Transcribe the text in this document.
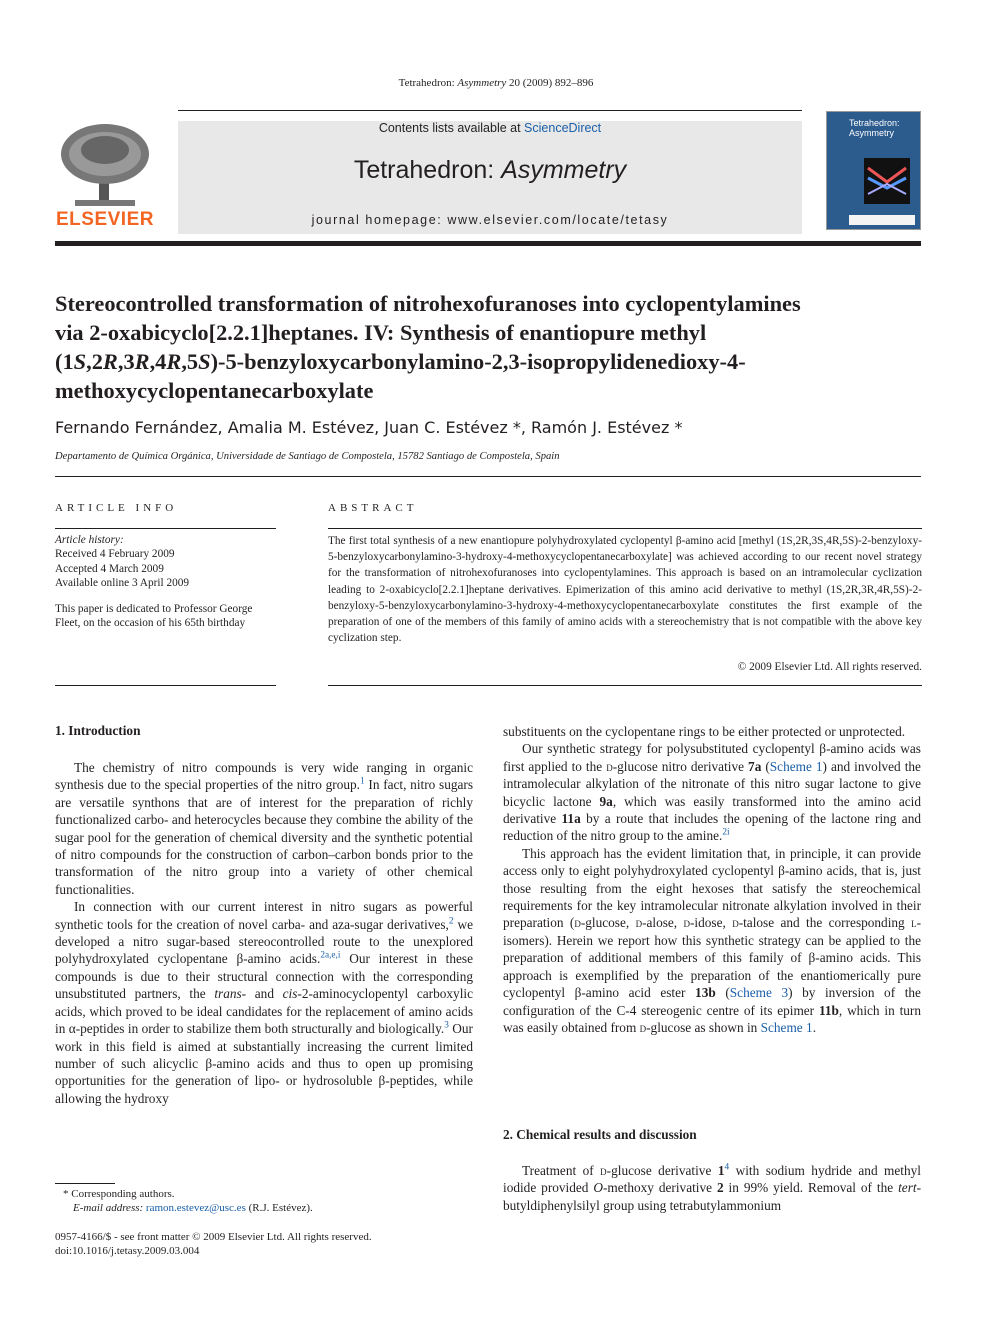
Tetrahedron: Asymmetry 20 (2009) 892–896
ELSEVIER
Contents lists available at ScienceDirect
Tetrahedron: Asymmetry
journal homepage: www.elsevier.com/locate/tetasy
Tetrahedron: Asymmetry
Stereocontrolled transformation of nitrohexofuranoses into cyclopentylamines
via 2-oxabicyclo[2.2.1]heptanes. IV: Synthesis of enantiopure methyl
(1S,2R,3R,4R,5S)-5-benzyloxycarbonylamino-2,3-isopropylidenedioxy-4-
methoxycyclopentanecarboxylate
Fernando Fernández, Amalia M. Estévez, Juan C. Estévez *, Ramón J. Estévez *
Departamento de Química Orgánica, Universidade de Santiago de Compostela, 15782 Santiago de Compostela, Spain
ARTICLE INFO
Article history:
Received 4 February 2009
Accepted 4 March 2009
Available online 3 April 2009
This paper is dedicated to Professor George Fleet, on the occasion of his 65th birthday
ABSTRACT
The first total synthesis of a new enantiopure polyhydroxylated cyclopentyl β-amino acid [methyl (1S,2R,3S,4R,5S)-2-benzyloxy-5-benzyloxycarbonylamino-3-hydroxy-4-methoxycyclopentanecarboxylate] was achieved according to our recent novel strategy for the transformation of nitrohexofuranoses into cyclopentylamines. This approach is based on an intramolecular cyclization leading to 2-oxabicyclo[2.2.1]heptane derivatives. Epimerization of this amino acid derivative to methyl (1S,2R,3R,4R,5S)-2-benzyloxy-5-benzyloxycarbonylamino-3-hydroxy-4-methoxycyclopentanecarboxylate constitutes the first example of the preparation of one of the members of this family of amino acids with a stereochemistry that is not compatible with the above key cyclization step.
© 2009 Elsevier Ltd. All rights reserved.
1. Introduction

The chemistry of nitro compounds is very wide ranging in organic synthesis due to the special properties of the nitro group.$^1$ In fact, nitro sugars are versatile synthons that are of interest for the preparation of richly functionalized carbo- and heterocycles because they combine the ability of the sugar pool for the generation of chemical diversity and the synthetic potential of nitro compounds for the construction of carbon–carbon bonds prior to the transformation of the nitro group into a variety of other chemical functionalities.

In connection with our current interest in nitro sugars as powerful synthetic tools for the creation of novel carba- and aza-sugar derivatives,$^2$ we developed a nitro sugar-based stereocontrolled route to the unexplored polyhydroxylated cyclopentane β-amino acids.$^{2a,e,i}$ Our interest in these compounds is due to their structural connection with the corresponding unsubstituted partners, the trans- and cis-2-aminocyclopentyl carboxylic acids, which proved to be ideal candidates for the replacement of amino acids in α-peptides in order to stabilize them both structurally and biologically.$^3$ Our work in this field is aimed at substantially increasing the current limited number of such alicyclic β-amino acids and thus to open up promising opportunities for the generation of lipo- or hydrosoluble β-peptides, while allowing the hydroxy

substituents on the cyclopentane rings to be either protected or unprotected.

Our synthetic strategy for polysubstituted cyclopentyl β-amino acids was first applied to the d-glucose nitro derivative 7a (Scheme 1) and involved the intramolecular alkylation of the nitronate of this nitro sugar lactone to give bicyclic lactone 9a, which was easily transformed into the amino acid derivative 11a by a route that includes the opening of the lactone ring and reduction of the nitro group to the amine.$^{2i}$

This approach has the evident limitation that, in principle, it can provide access only to eight polyhydroxylated cyclopentyl β-amino acids, that is, just those resulting from the eight hexoses that satisfy the stereochemical requirements for the key intramolecular nitronate alkylation involved in their preparation (d-glucose, d-alose, d-idose, d-talose and the corresponding l-isomers). Herein we report how this synthetic strategy can be applied to the preparation of additional members of this family of β-amino acids. This approach is exemplified by the preparation of the enantiomerically pure cyclopentyl β-amino acid ester 13b (Scheme 3) by inversion of the configuration of the C-4 stereogenic centre of its epimer 11b, which in turn was easily obtained from d-glucose as shown in Scheme 1.

2. Chemical results and discussion

Treatment of d-glucose derivative $1^4$ with sodium hydride and methyl iodide provided O-methoxy derivative 2 in 99% yield. Removal of the tert-butyldiphenylsilyl group using tetrabutylammonium

* Corresponding authors.
E-mail address: ramon.estevez@usc.es (R.J. Estévez).
0957-4166/$ - see front matter © 2009 Elsevier Ltd. All rights reserved.
doi:10.1016/j.tetasy.2009.03.004
